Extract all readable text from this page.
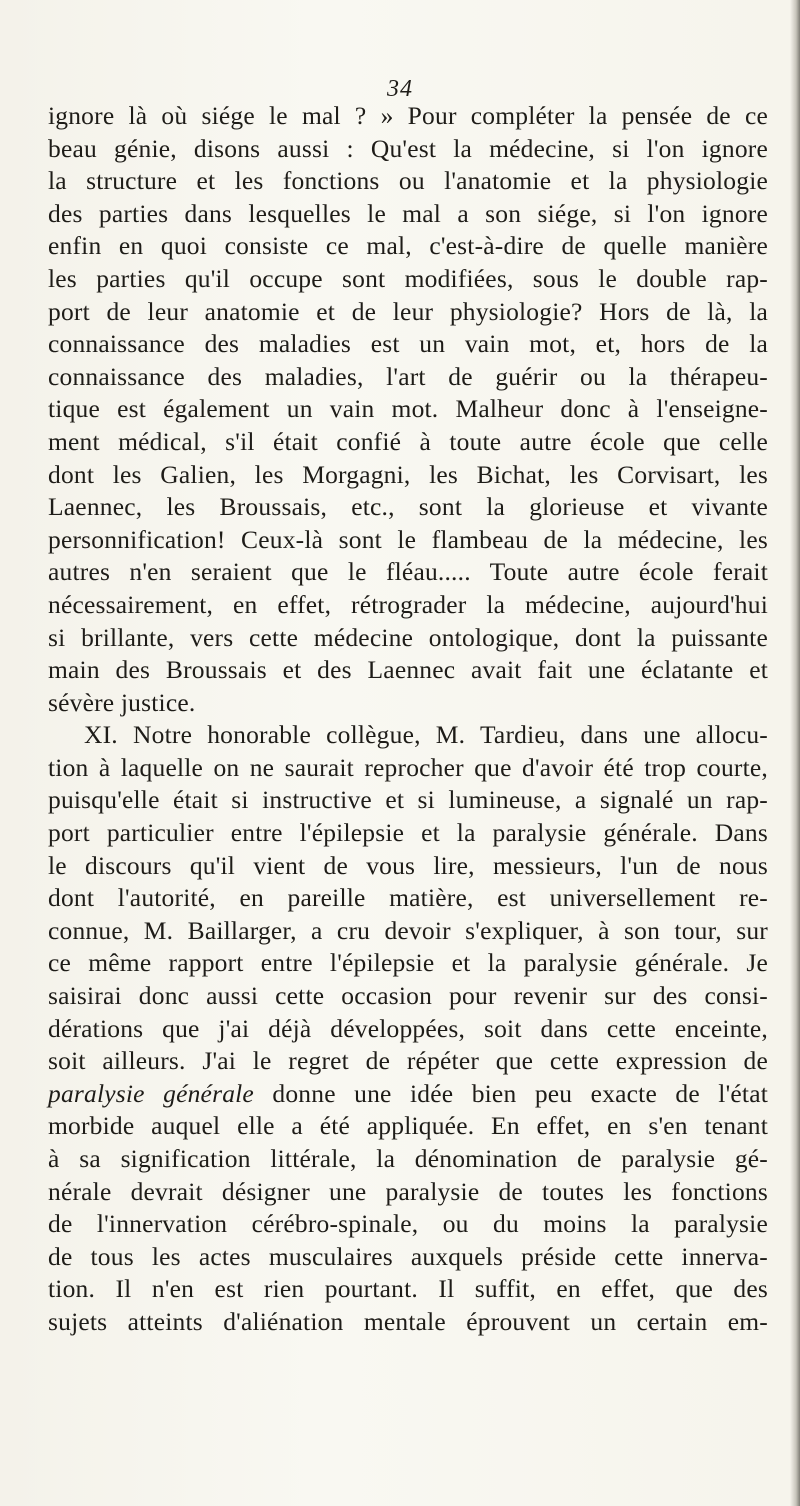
34
ignore là où siége le mal ? » Pour compléter la pensée de ce
beau génie, disons aussi : Qu'est la médecine, si l'on ignore
la structure et les fonctions ou l'anatomie et la physiologie
des parties dans lesquelles le mal a son siége, si l'on ignore
enfin en quoi consiste ce mal, c'est-à-dire de quelle manière
les parties qu'il occupe sont modifiées, sous le double rap-
port de leur anatomie et de leur physiologie? Hors de là, la
connaissance des maladies est un vain mot, et, hors de la
connaissance des maladies, l'art de guérir ou la thérapeu-
tique est également un vain mot. Malheur donc à l'enseigne-
ment médical, s'il était confié à toute autre école que celle
dont les Galien, les Morgagni, les Bichat, les Corvisart, les
Laennec, les Broussais, etc., sont la glorieuse et vivante
personnification! Ceux-là sont le flambeau de la médecine, les
autres n'en seraient que le fléau..... Toute autre école ferait
nécessairement, en effet, rétrograder la médecine, aujourd'hui
si brillante, vers cette médecine ontologique, dont la puissante
main des Broussais et des Laennec avait fait une éclatante et
sévère justice.
XI. Notre honorable collègue, M. Tardieu, dans une allocu-
tion à laquelle on ne saurait reprocher que d'avoir été trop courte,
puisqu'elle était si instructive et si lumineuse, a signalé un rap-
port particulier entre l'épilepsie et la paralysie générale. Dans
le discours qu'il vient de vous lire, messieurs, l'un de nous
dont l'autorité, en pareille matière, est universellement re-
connue, M. Baillarger, a cru devoir s'expliquer, à son tour, sur
ce même rapport entre l'épilepsie et la paralysie générale. Je
saisirai donc aussi cette occasion pour revenir sur des consi-
dérations que j'ai déjà développées, soit dans cette enceinte,
soit ailleurs. J'ai le regret de répéter que cette expression de
paralysie générale donne une idée bien peu exacte de l'état
morbide auquel elle a été appliquée. En effet, en s'en tenant
à sa signification littérale, la dénomination de paralysie gé-
nérale devrait désigner une paralysie de toutes les fonctions
de l'innervation cérébro-spinale, ou du moins la paralysie
de tous les actes musculaires auxquels préside cette innerva-
tion. Il n'en est rien pourtant. Il suffit, en effet, que des
sujets atteints d'aliénation mentale éprouvent un certain em-
